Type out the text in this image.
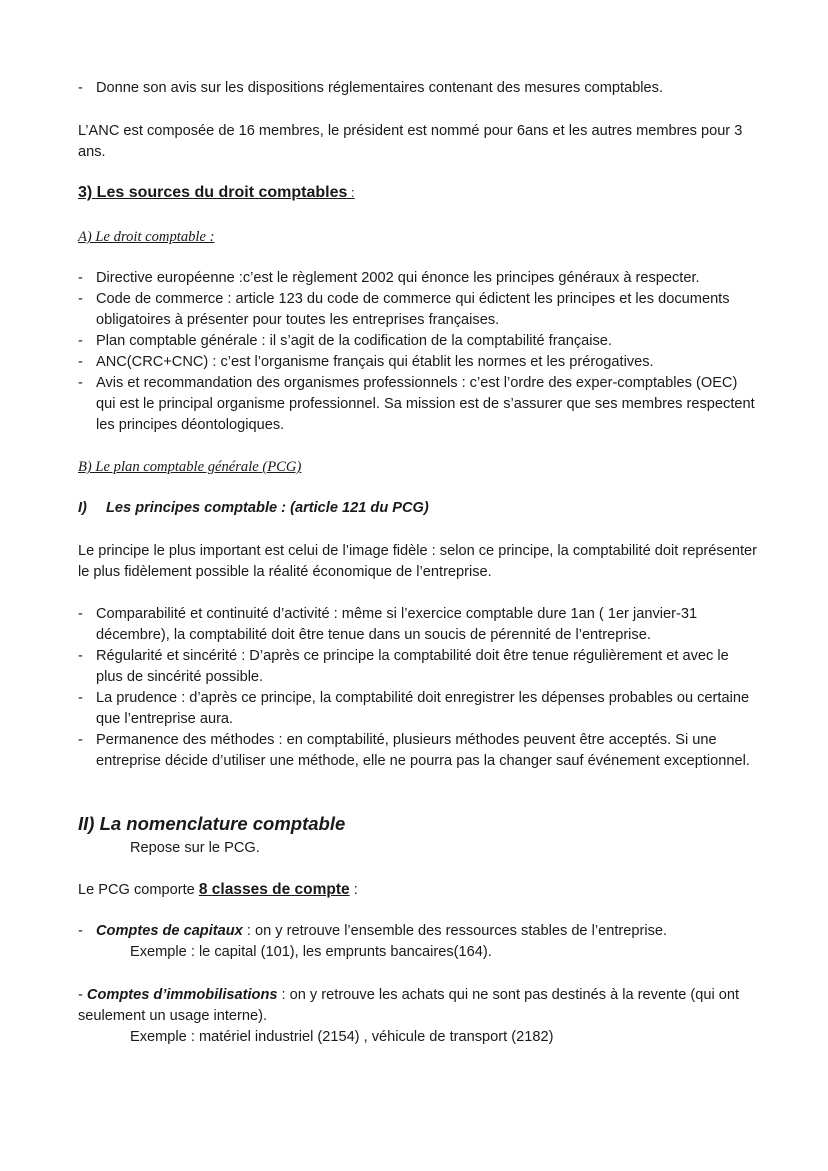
- Donne son avis sur les dispositions réglementaires contenant des mesures comptables.

L’ANC est composée de 16 membres, le président est nommé pour 6ans et les autres membres pour 3 ans.

3) Les sources du droit comptables :
A) Le droit comptable :
- Directive européenne :c’est le règlement 2002 qui énonce les principes généraux à respecter.
- Code de commerce : article 123 du code de commerce qui édictent les principes et les documents obligatoires à présenter pour toutes les entreprises françaises.
- Plan comptable générale : il s’agit de la codification de la comptabilité française.
- ANC(CRC+CNC) : c’est l’organisme français qui établit les normes et les prérogatives.
- Avis et recommandation des organismes professionnels : c’est l’ordre des exper-comptables (OEC) qui est le principal organisme professionnel. Sa mission est de s’assurer que ses membres respectent les principes déontologiques.
B) Le plan comptable générale (PCG)
I) Les principes comptable : (article 121 du PCG)

Le principe le plus important est celui de l’image fidèle : selon ce principe, la comptabilité doit représenter le plus fidèlement possible la réalité économique de l’entreprise.

- Comparabilité et continuité d’activité : même si l’exercice comptable dure 1an ( 1er janvier-31 décembre), la comptabilité doit être tenue dans un soucis de pérennité de l’entreprise.
- Régularité et sincérité : D’après ce principe la comptabilité doit être tenue régulièrement et avec le plus de sincérité possible.
- La prudence : d’après ce principe, la comptabilité doit enregistrer les dépenses probables ou certaine que l’entreprise aura.
- Permanence des méthodes : en comptabilité, plusieurs méthodes peuvent être acceptés. Si une entreprise décide d’utiliser une méthode, elle ne pourra pas la changer sauf événement exceptionnel.
II) La nomenclature comptable
Repose sur le PCG.
Le PCG comporte 8 classes de compte :
- Comptes de capitaux : on y retrouve l’ensemble des ressources stables de l’entreprise.
Exemple : le capital (101), les emprunts bancaires(164).
- Comptes d’immobilisations : on y retrouve les achats qui ne sont pas destinés à la revente (qui ont seulement un usage interne).
Exemple : matériel industriel (2154) , véhicule de transport (2182)
